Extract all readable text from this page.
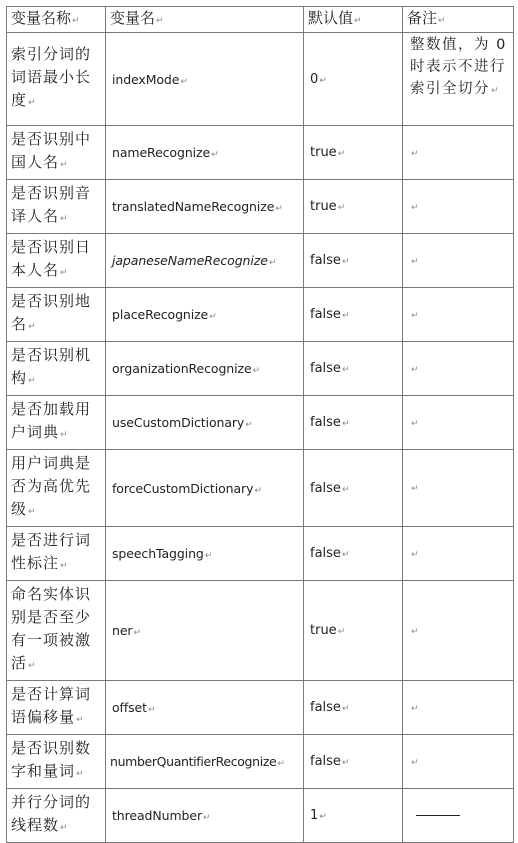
变量名称↵	变量名↵	默认值↵	备注↵
索引分词的词语最小长度↵	indexMode↵	0↵	整数值，为 0 时表示不进行索引全切分↵
是否识别中国人名↵	nameRecognize↵	true↵	↵
是否识别音译人名↵	translatedNameRecognize↵	true↵	↵
是否识别日本人名↵	japaneseNameRecognize↵	false↵	↵
是否识别地名↵	placeRecognize↵	false↵	↵
是否识别机构↵	organizationRecognize↵	false↵	↵
是否加载用户词典↵	useCustomDictionary↵	false↵	↵
用户词典是否为高优先级↵	forceCustomDictionary↵	false↵	↵
是否进行词性标注↵	speechTagging↵	false↵	↵
命名实体识别是否至少有一项被激活↵	ner↵	true↵	↵
是否计算词语偏移量↵	offset↵	false↵	↵
是否识别数字和量词↵	numberQuantifierRecognize↵	false↵	↵
并行分词的线程数↵	threadNumber↵	1↵	
